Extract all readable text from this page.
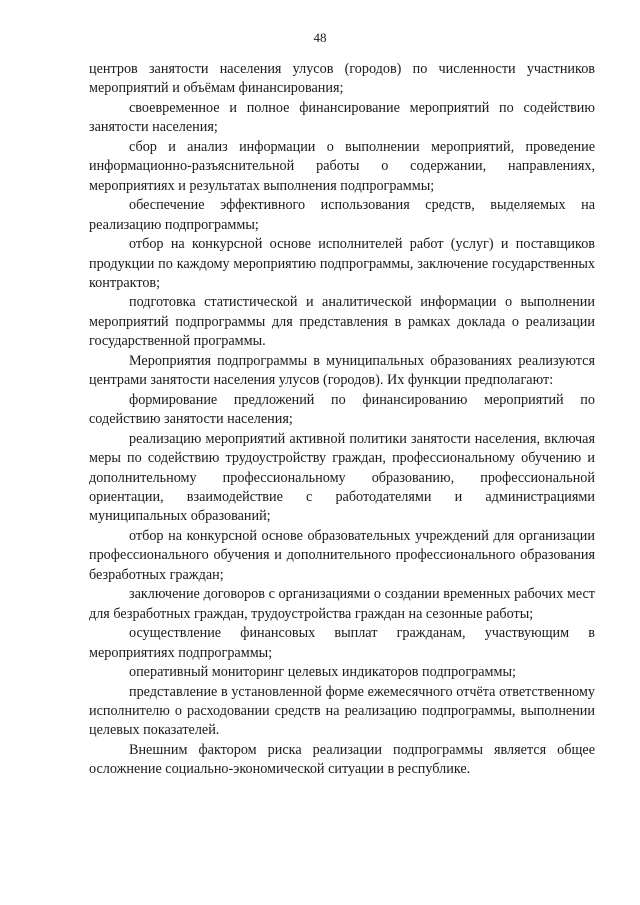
48

центров занятости населения улусов (городов) по численности участников мероприятий и объёмам финансирования;

своевременное и полное финансирование мероприятий по содействию занятости населения;

сбор и анализ информации о выполнении мероприятий, проведение информационно-разъяснительной работы о содержании, направлениях, мероприятиях и результатах выполнения подпрограммы;

обеспечение эффективного использования средств, выделяемых на реализацию подпрограммы;

отбор на конкурсной основе исполнителей работ (услуг) и поставщиков продукции по каждому мероприятию подпрограммы, заключение государственных контрактов;

подготовка статистической и аналитической информации о выполнении мероприятий подпрограммы для представления в рамках доклада о реализации государственной программы.

Мероприятия подпрограммы в муниципальных образованиях реализуются центрами занятости населения улусов (городов). Их функции предполагают:

формирование предложений по финансированию мероприятий по содействию занятости населения;

реализацию мероприятий активной политики занятости населения, включая меры по содействию трудоустройству граждан, профессиональному обучению и дополнительному профессиональному образованию, профессиональной ориентации, взаимодействие с работодателями и администрациями муниципальных образований;

отбор на конкурсной основе образовательных учреждений для организации профессионального обучения и дополнительного профессионального образования безработных граждан;

заключение договоров с организациями о создании временных рабочих мест для безработных граждан, трудоустройства граждан на сезонные работы;

осуществление финансовых выплат гражданам, участвующим в мероприятиях подпрограммы;

оперативный мониторинг целевых индикаторов подпрограммы;

представление в установленной форме ежемесячного отчёта ответственному исполнителю о расходовании средств на реализацию подпрограммы, выполнении целевых показателей.

Внешним фактором риска реализации подпрограммы является общее осложнение социально-экономической ситуации в республике.
